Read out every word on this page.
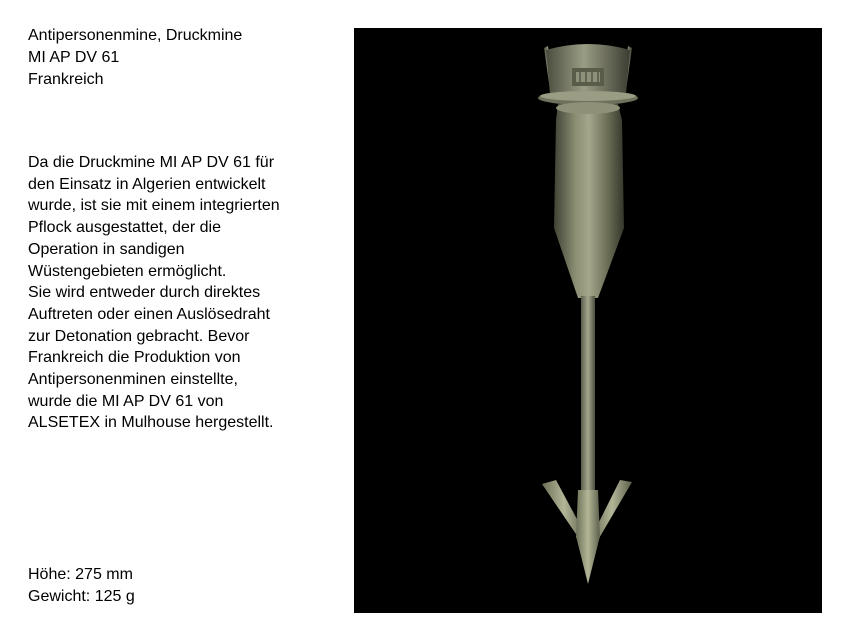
Antipersonenmine, Druckmine
MI AP DV 61
Frankreich
Da die Druckmine MI AP DV 61 für
den Einsatz in Algerien entwickelt
wurde, ist sie mit einem integrierten
Pflock ausgestattet, der die
Operation in sandigen
Wüstengebieten ermöglicht.
Sie wird entweder durch direktes
Auftreten oder einen Auslösedraht
zur Detonation gebracht. Bevor
Frankreich die Produktion von
Antipersonenminen einstellte,
wurde die MI AP DV 61 von
ALSETEX in Mulhouse hergestellt.
Höhe: 275 mm
Gewicht: 125 g
